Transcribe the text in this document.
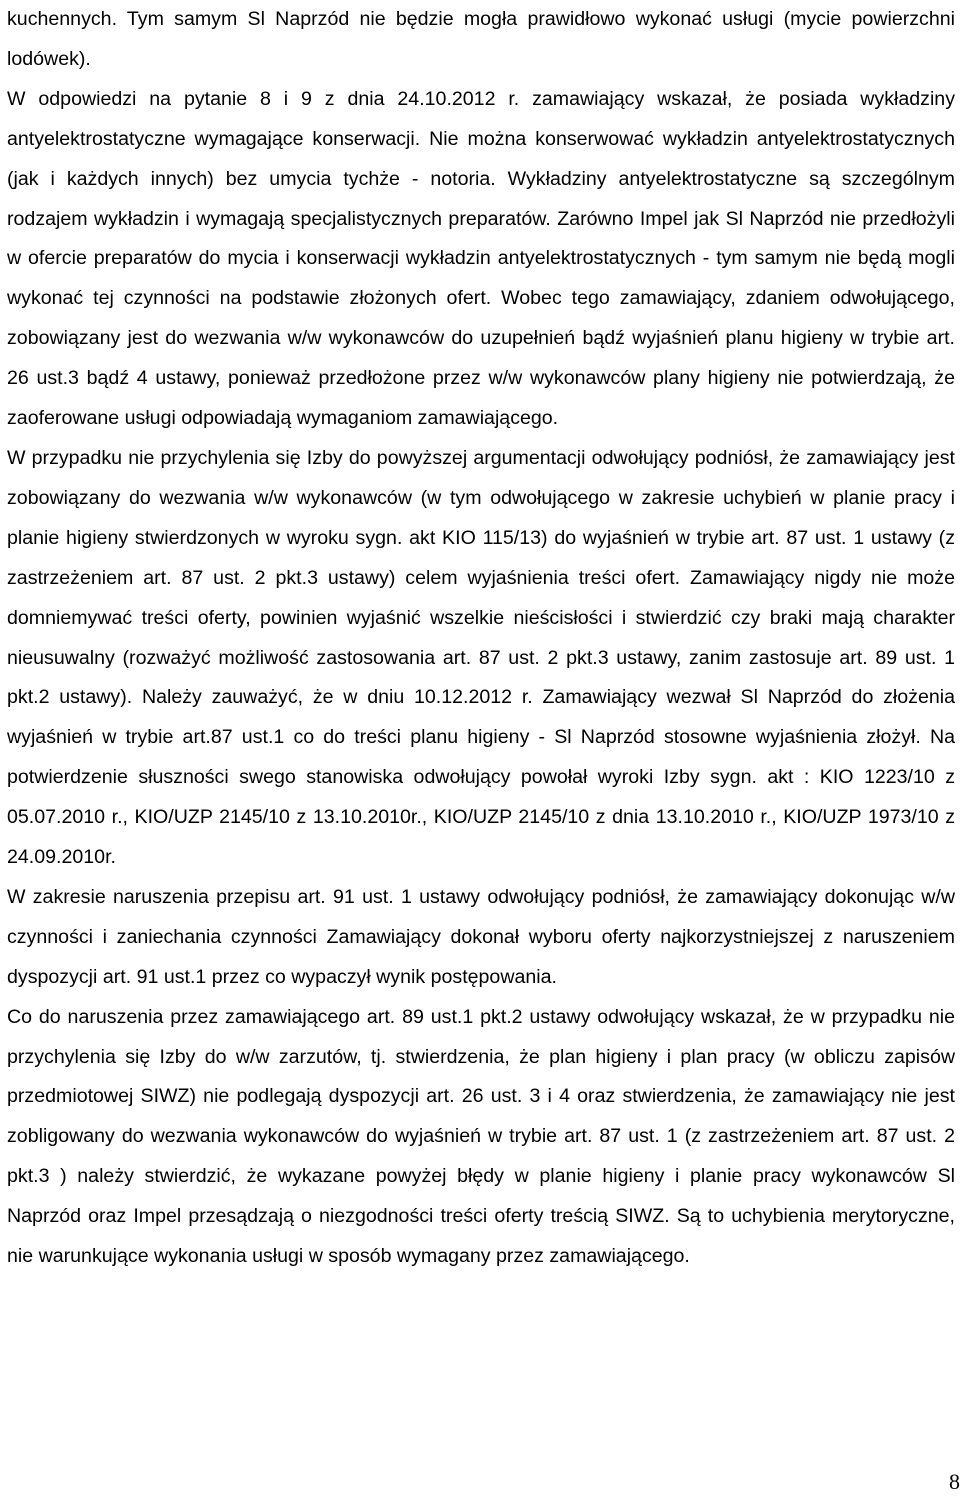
kuchennych. Tym samym Sl Naprzód nie będzie mogła prawidłowo wykonać usługi (mycie powierzchni lodówek).

W odpowiedzi na pytanie 8 i 9 z dnia 24.10.2012 r. zamawiający wskazał, że posiada wykładziny antyelektrostatyczne wymagające konserwacji. Nie można konserwować wykładzin antyelektrostatycznych (jak i każdych innych) bez umycia tychże - notoria. Wykładziny antyelektrostatyczne są szczególnym rodzajem wykładzin i wymagają specjalistycznych preparatów. Zarówno Impel jak Sl Naprzód nie przedłożyli w ofercie preparatów do mycia i konserwacji wykładzin antyelektrostatycznych - tym samym nie będą mogli wykonać tej czynności na podstawie złożonych ofert. Wobec tego zamawiający, zdaniem odwołującego, zobowiązany jest do wezwania w/w wykonawców do uzupełnień bądź wyjaśnień planu higieny w trybie art. 26 ust.3 bądź 4 ustawy, ponieważ przedłożone przez w/w wykonawców plany higieny nie potwierdzają, że zaoferowane usługi odpowiadają wymaganiom zamawiającego.

W przypadku nie przychylenia się Izby do powyższej argumentacji odwołujący podniósł, że zamawiający jest zobowiązany do wezwania w/w wykonawców (w tym odwołującego w zakresie uchybień w planie pracy i planie higieny stwierdzonych w wyroku sygn. akt KIO 115/13) do wyjaśnień w trybie art. 87 ust. 1 ustawy (z zastrzeżeniem art. 87 ust. 2 pkt.3 ustawy) celem wyjaśnienia treści ofert. Zamawiający nigdy nie może domniemywać treści oferty, powinien wyjaśnić wszelkie nieścisłości i stwierdzić czy braki mają charakter nieusuwalny (rozważyć możliwość zastosowania art. 87 ust. 2 pkt.3 ustawy, zanim zastosuje art. 89 ust. 1 pkt.2 ustawy). Należy zauważyć, że w dniu 10.12.2012 r. Zamawiający wezwał Sl Naprzód do złożenia wyjaśnień w trybie art.87 ust.1 co do treści planu higieny - Sl Naprzód stosowne wyjaśnienia złożył. Na potwierdzenie słuszności swego stanowiska odwołujący powołał wyroki Izby sygn. akt : KIO 1223/10 z 05.07.2010 r., KIO/UZP 2145/10 z 13.10.2010r., KIO/UZP 2145/10 z dnia 13.10.2010 r., KIO/UZP 1973/10 z 24.09.2010r.

W zakresie naruszenia przepisu art. 91 ust. 1 ustawy odwołujący podniósł, że zamawiający dokonując w/w czynności i zaniechania czynności Zamawiający dokonał wyboru oferty najkorzystniejszej z naruszeniem dyspozycji art. 91 ust.1 przez co wypaczył wynik postępowania.

Co do naruszenia przez zamawiającego art. 89 ust.1 pkt.2 ustawy odwołujący wskazał, że w przypadku nie przychylenia się Izby do w/w zarzutów, tj. stwierdzenia, że plan higieny i plan pracy (w obliczu zapisów przedmiotowej SIWZ) nie podlegają dyspozycji art. 26 ust. 3 i 4 oraz stwierdzenia, że zamawiający nie jest zobligowany do wezwania wykonawców do wyjaśnień w trybie art. 87 ust. 1 (z zastrzeżeniem art. 87 ust. 2 pkt.3 ) należy stwierdzić, że wykazane powyżej błędy w planie higieny i planie pracy wykonawców Sl Naprzód oraz Impel przesądzają o niezgodności treści oferty treścią SIWZ. Są to uchybienia merytoryczne, nie warunkujące wykonania usługi w sposób wymagany przez zamawiającego.

8
